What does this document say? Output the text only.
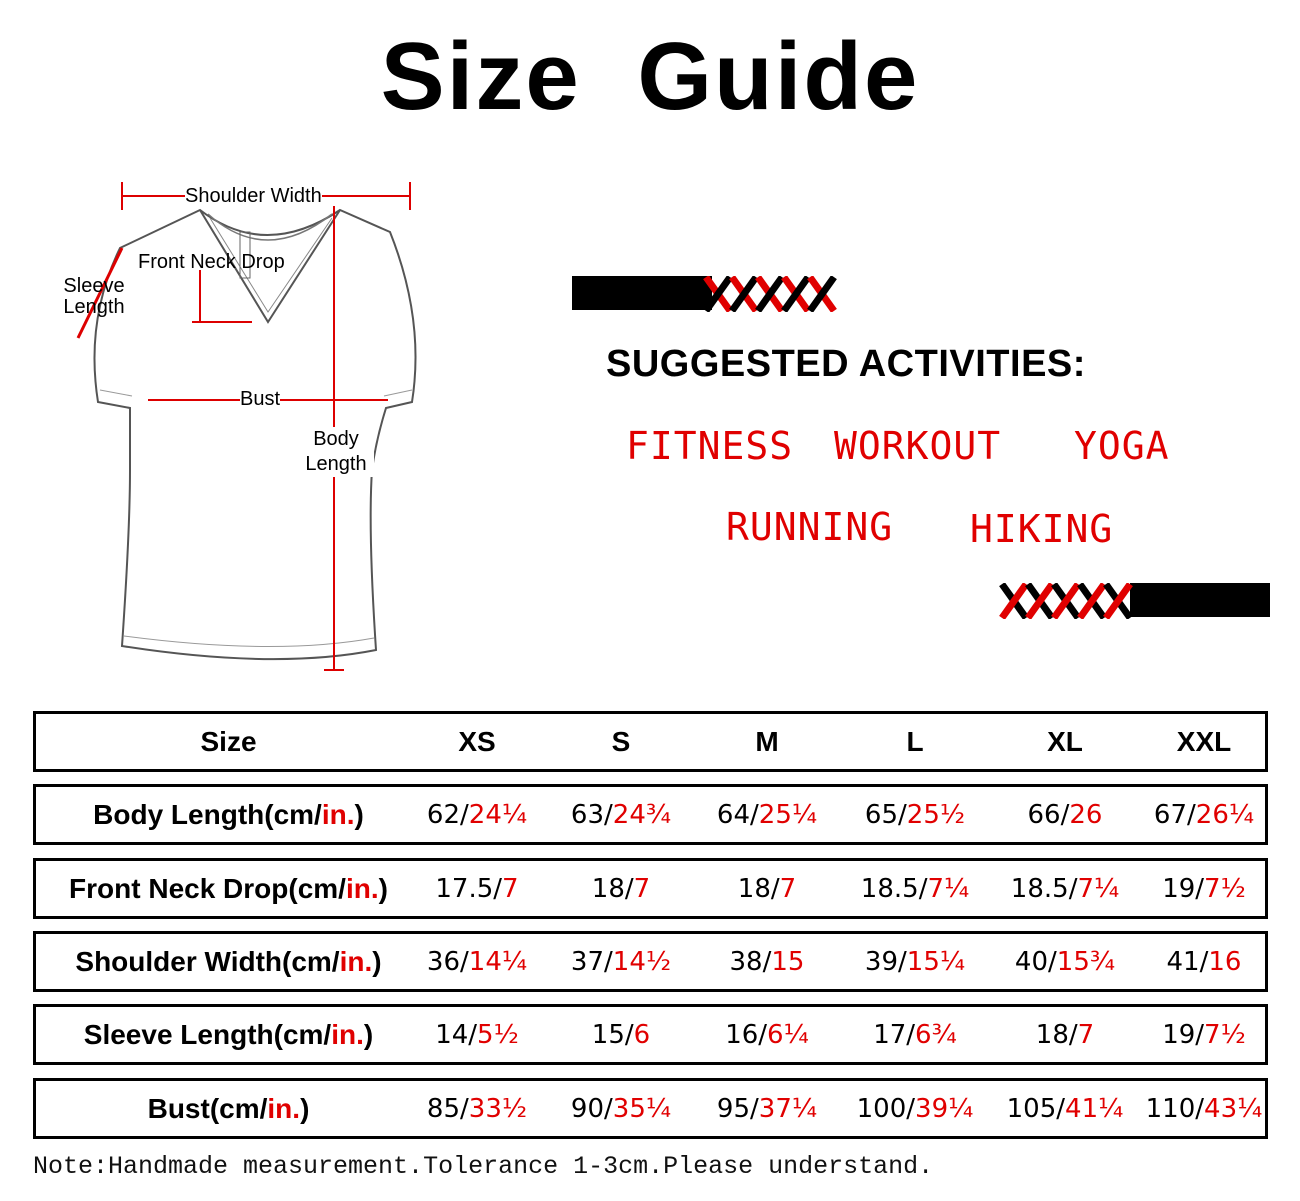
Size Guide
Shoulder Width
Front Neck Drop
Sleeve
Length
Bust
Body
Length
SUGGESTED ACTIVITIES:
FITNESS WORKOUT YOGA
RUNNING HIKING
Size	XS	S	M	L	XL	XXL
Body Length (cm/ in. ) 62 / 24¼ 63 / 24¾ 64 / 25¼ 65 / 25½ 66 / 26 67 / 26¼
Front Neck Drop (cm/ in. ) 17.5 / 7	18 / 7	18 / 7 18.5 / 7¼ 18.5 / 7¼ 19 / 7½
Shoulder Width (cm/ in. ) 36 / 14¼ 37 / 14½ 38 / 15 39 / 15¼ 40 / 15¾ 41 / 16
Sleeve Length (cm/ in. ) 14 / 5½	15 / 6	16 / 6¼ 17 / 6¾	18 / 7	19 / 7½
Bust (cm/ in. )	85 / 33½ 90 / 35¼ 95 / 37¼ 100 / 39¼ 105 / 41¼ 110 / 43¼
Note:Handmade measurement.Tolerance 1-3cm.Please understand.
